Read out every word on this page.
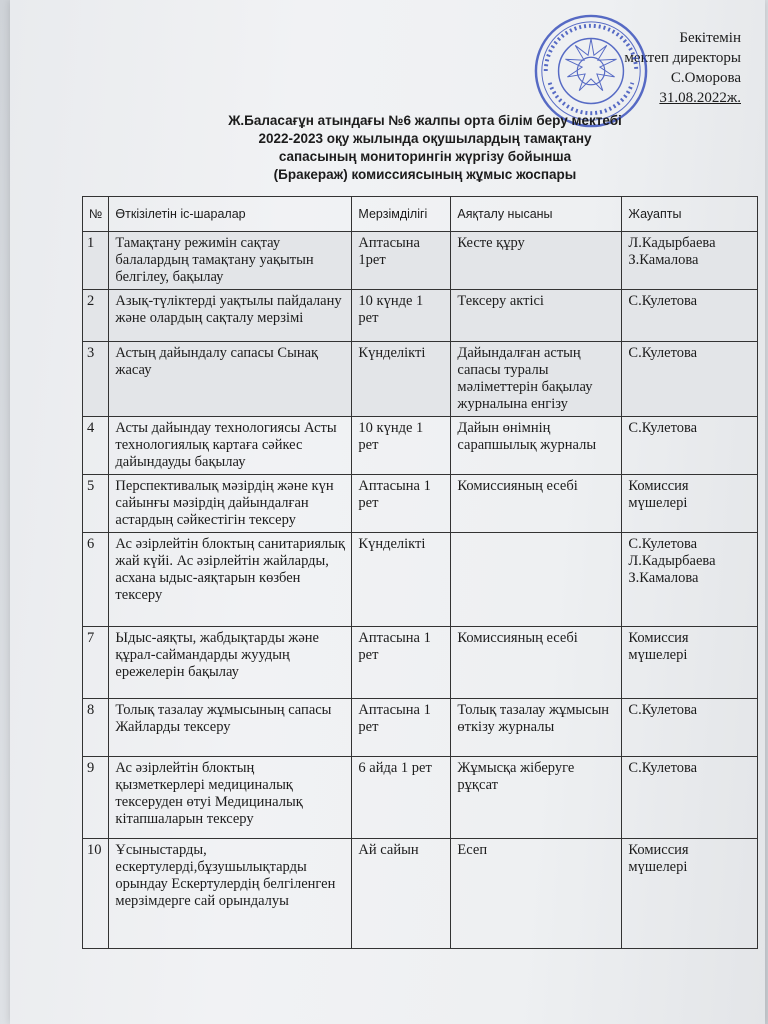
Бекітемін
мектеп директоры
С.Оморова
31.08.2022ж.
Ж.Баласағұн атындағы №6 жалпы орта білім беру мектебі
2022-2023 оқу жылында оқушылардың тамақтану
сапасының мониторингін жүргізу бойынша
(Бракераж) комиссиясының жұмыс жоспары
№	Өткізілетін іс-шаралар	Мерзімділігі	Аяқталу нысаны	Жауапты
1	Тамақтану режимін сақтау балалардың тамақтану уақытын белгілеу, бақылау	Аптасына 1рет	Кесте құру	Л.Кадырбаева З.Камалова
2	Азық-түліктерді уақтылы пайдалану және олардың сақталу мерзімі	10 күнде 1 рет	Тексеру актісі	С.Кулетова
3	Астың дайындалу сапасы Сынақ жасау	Күнделікті	Дайындалған астың сапасы туралы мәліметтерін бақылау журналына енгізу	С.Кулетова
4	Асты дайындау технологиясы Асты технологиялық картаға сәйкес дайындауды бақылау	10 күнде 1 рет	Дайын өнімнің сарапшылық журналы	С.Кулетова
5	Перспективалық мәзірдің және күн сайынғы мәзірдің дайындалған астардың сәйкестігін тексеру	Аптасына 1 рет	Комиссияның есебі	Комиссия мүшелері
6	Ас әзірлейтін блоктың санитариялық жай күйі. Ас әзірлейтін жайларды, асхана ыдыс-аяқтарын көзбен тексеру	Күнделікті		С.Кулетова Л.Кадырбаева З.Камалова
7	Ыдыс-аяқты, жабдықтарды және құрал-саймандарды жуудың ережелерін бақылау	Аптасына 1 рет	Комиссияның есебі	Комиссия мүшелері
8	Толық тазалау жұмысының сапасы Жайларды тексеру	Аптасына 1 рет	Толық тазалау жұмысын өткізу журналы	С.Кулетова
9	Ас әзірлейтін блоктың қызметкерлері медициналық тексеруден өтуі Медициналық кітапшаларын тексеру	6 айда 1 рет	Жұмысқа жіберуге рұқсат	С.Кулетова
10	Ұсыныстарды, ескертулерді,бұзушылықтарды орындау Ескертулердің белгіленген мерзімдерге сай орындалуы	Ай сайын	Есеп	Комиссия мүшелері
